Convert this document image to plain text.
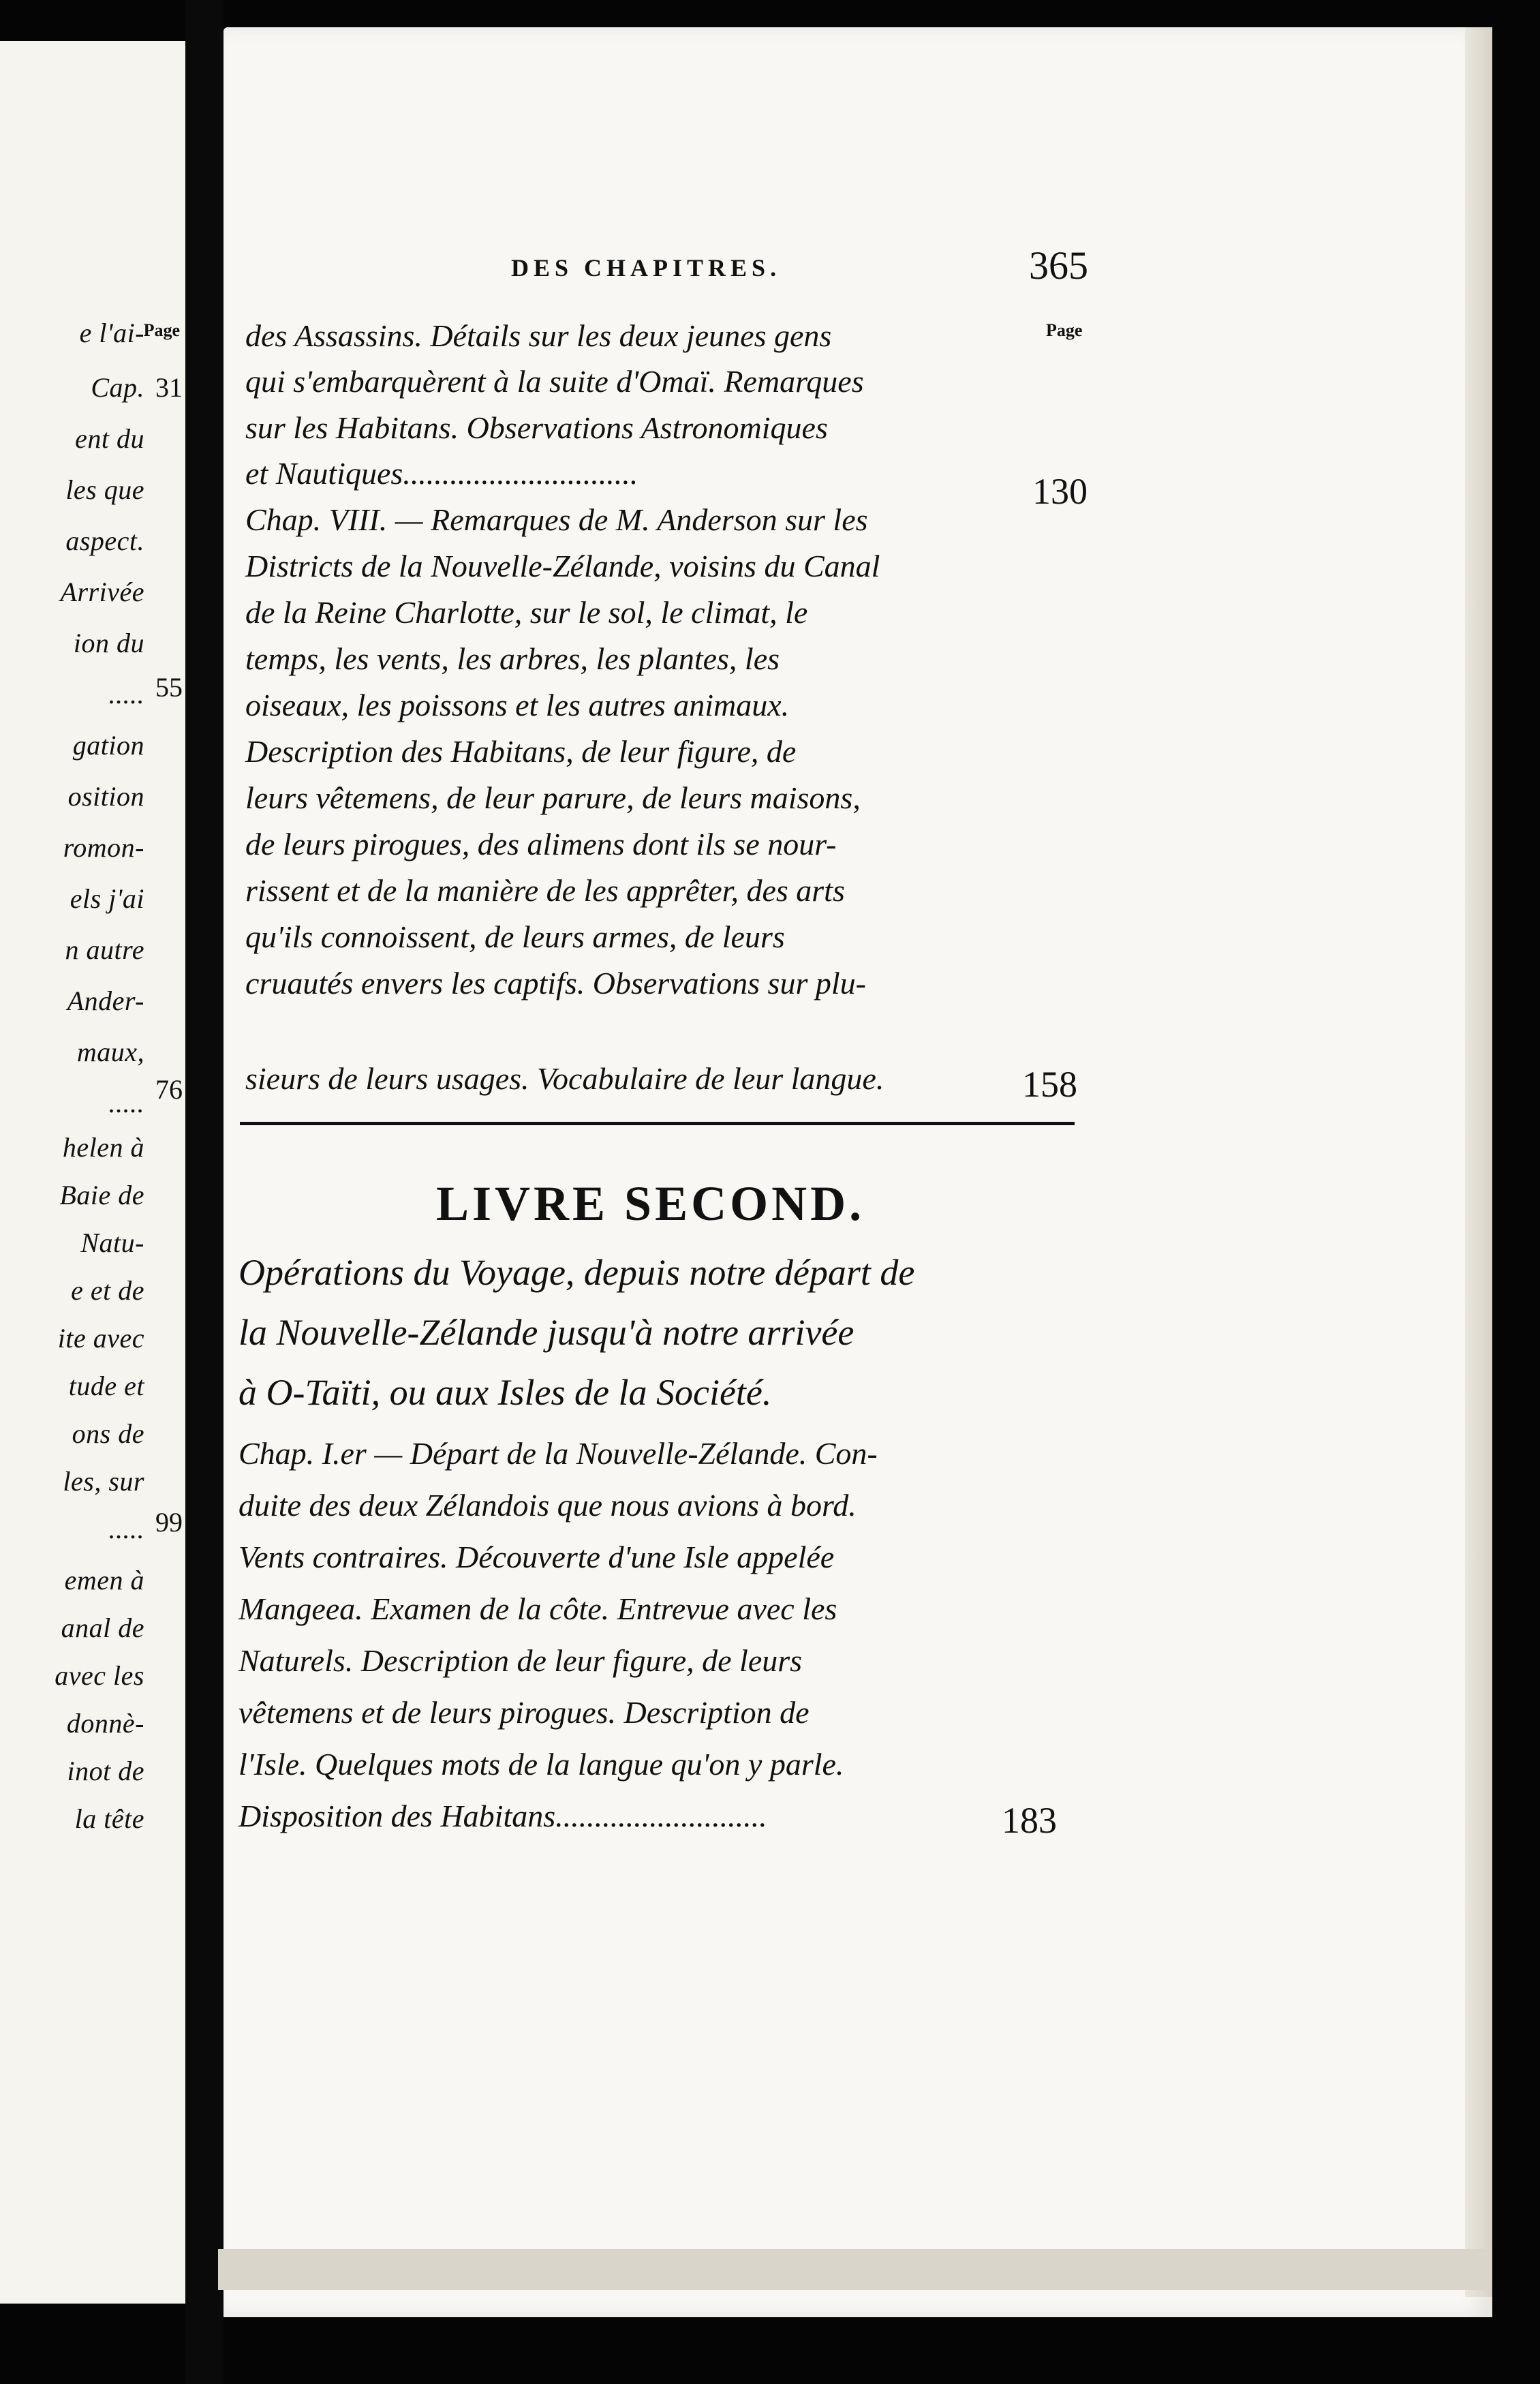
e l'ai-
Cap.
ent du
les que
aspect.
Arrivée
ion du
.....
gation
osition
romon-
els j'ai
n autre
Ander-
maux,
.....
helen à
Baie de
Natu-
e et de
ite avec
tude et
ons de
les, sur
.....
emen à
anal de
avec les
donnè-
inot de
la tête
Page
31
55
76
99
DES CHAPITRES.	365
des Assassins. Détails sur les deux jeunes gens
qui s'embarquèrent à la suite d'Omaï. Remarques
sur les Habitans. Observations Astronomiques
et Nautiques..............................
Chap. VIII. — Remarques de M. Anderson sur les
Districts de la Nouvelle-Zélande, voisins du Canal
de la Reine Charlotte, sur le sol, le climat, le
temps, les vents, les arbres, les plantes, les
oiseaux, les poissons et les autres animaux.
Description des Habitans, de leur figure, de
leurs vêtemens, de leur parure, de leurs maisons,
de leurs pirogues, des alimens dont ils se nour-
rissent et de la manière de les apprêter, des arts
qu'ils connoissent, de leurs armes, de leurs
cruautés envers les captifs. Observations sur plu-
sieurs de leurs usages. Vocabulaire de leur langue.
Opérations du Voyage, depuis notre départ de
la Nouvelle-Zélande jusqu'à notre arrivée
à O-Taïti, ou aux Isles de la Société.
Chap. I.er — Départ de la Nouvelle-Zélande. Con-
duite des deux Zélandois que nous avions à bord.
Vents contraires. Découverte d'une Isle appelée
Mangeea. Examen de la côte. Entrevue avec les
Naturels. Description de leur figure, de leurs
vêtemens et de leurs pirogues. Description de
l'Isle. Quelques mots de la langue qu'on y parle.
Disposition des Habitans...........................
Page
130
158
LIVRE SECOND.
183
